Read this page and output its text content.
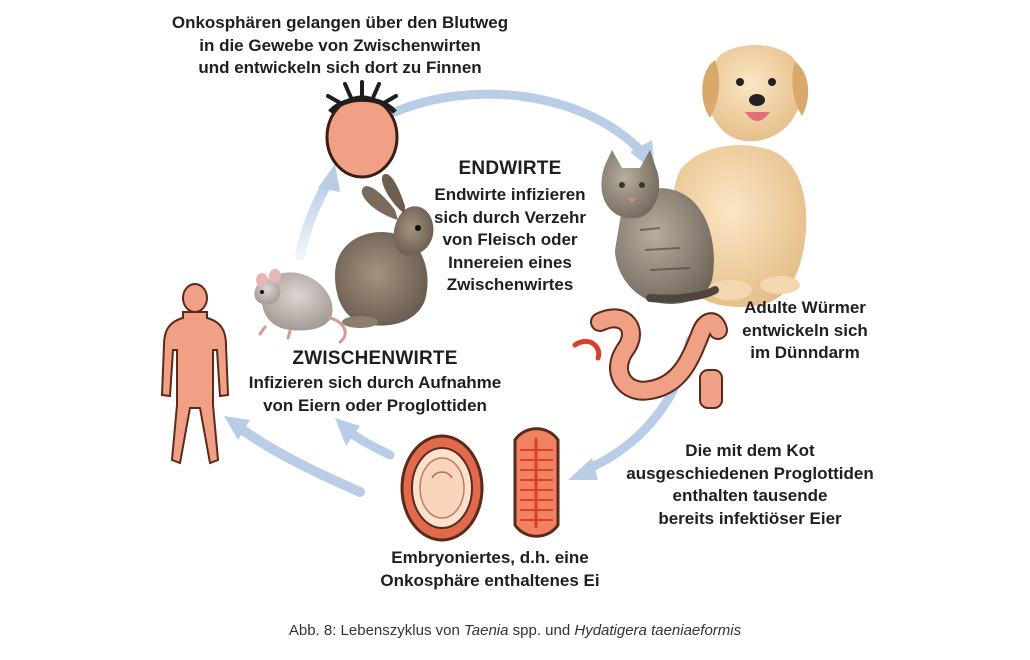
Onkosphären gelangen über den Blutweg
in die Gewebe von Zwischenwirten
und entwickeln sich dort zu Finnen
ENDWIRTE
Endwirte infizieren
sich durch Verzehr
von Fleisch oder
Innereien eines
Zwischenwirtes
Adulte Würmer
entwickeln sich
im Dünndarm
Die mit dem Kot
ausgeschiedenen Proglottiden
enthalten tausende
bereits infektiöser Eier
Embryoniertes, d.h. eine
Onkosphäre enthaltenes Ei
ZWISCHENWIRTE
Infizieren sich durch Aufnahme
von Eiern oder Proglottiden
Abb. 8: Lebenszyklus von Taenia spp. und Hydatigera taeniaeformis
